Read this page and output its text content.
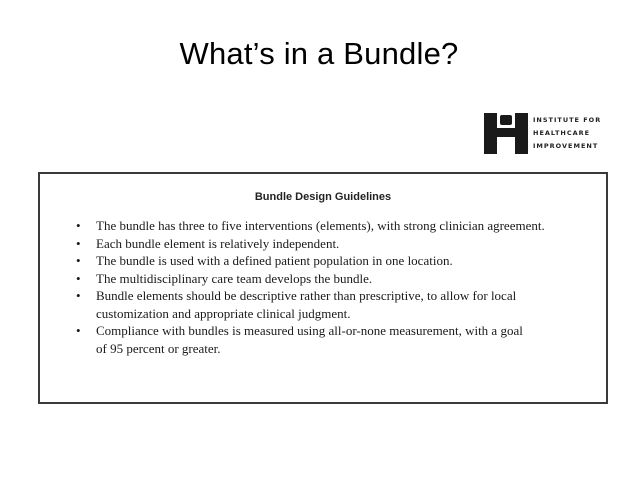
What’s in a Bundle?
INSTITUTE FOR
HEALTHCARE
IMPROVEMENT
Bundle Design Guidelines
• The bundle has three to five interventions (elements), with strong clinician agreement.
• Each bundle element is relatively independent.
• The bundle is used with a defined patient population in one location.
• The multidisciplinary care team develops the bundle.
• Bundle elements should be descriptive rather than prescriptive, to allow for local
customization and appropriate clinical judgment.
• Compliance with bundles is measured using all-or-none measurement, with a goal
of 95 percent or greater.
